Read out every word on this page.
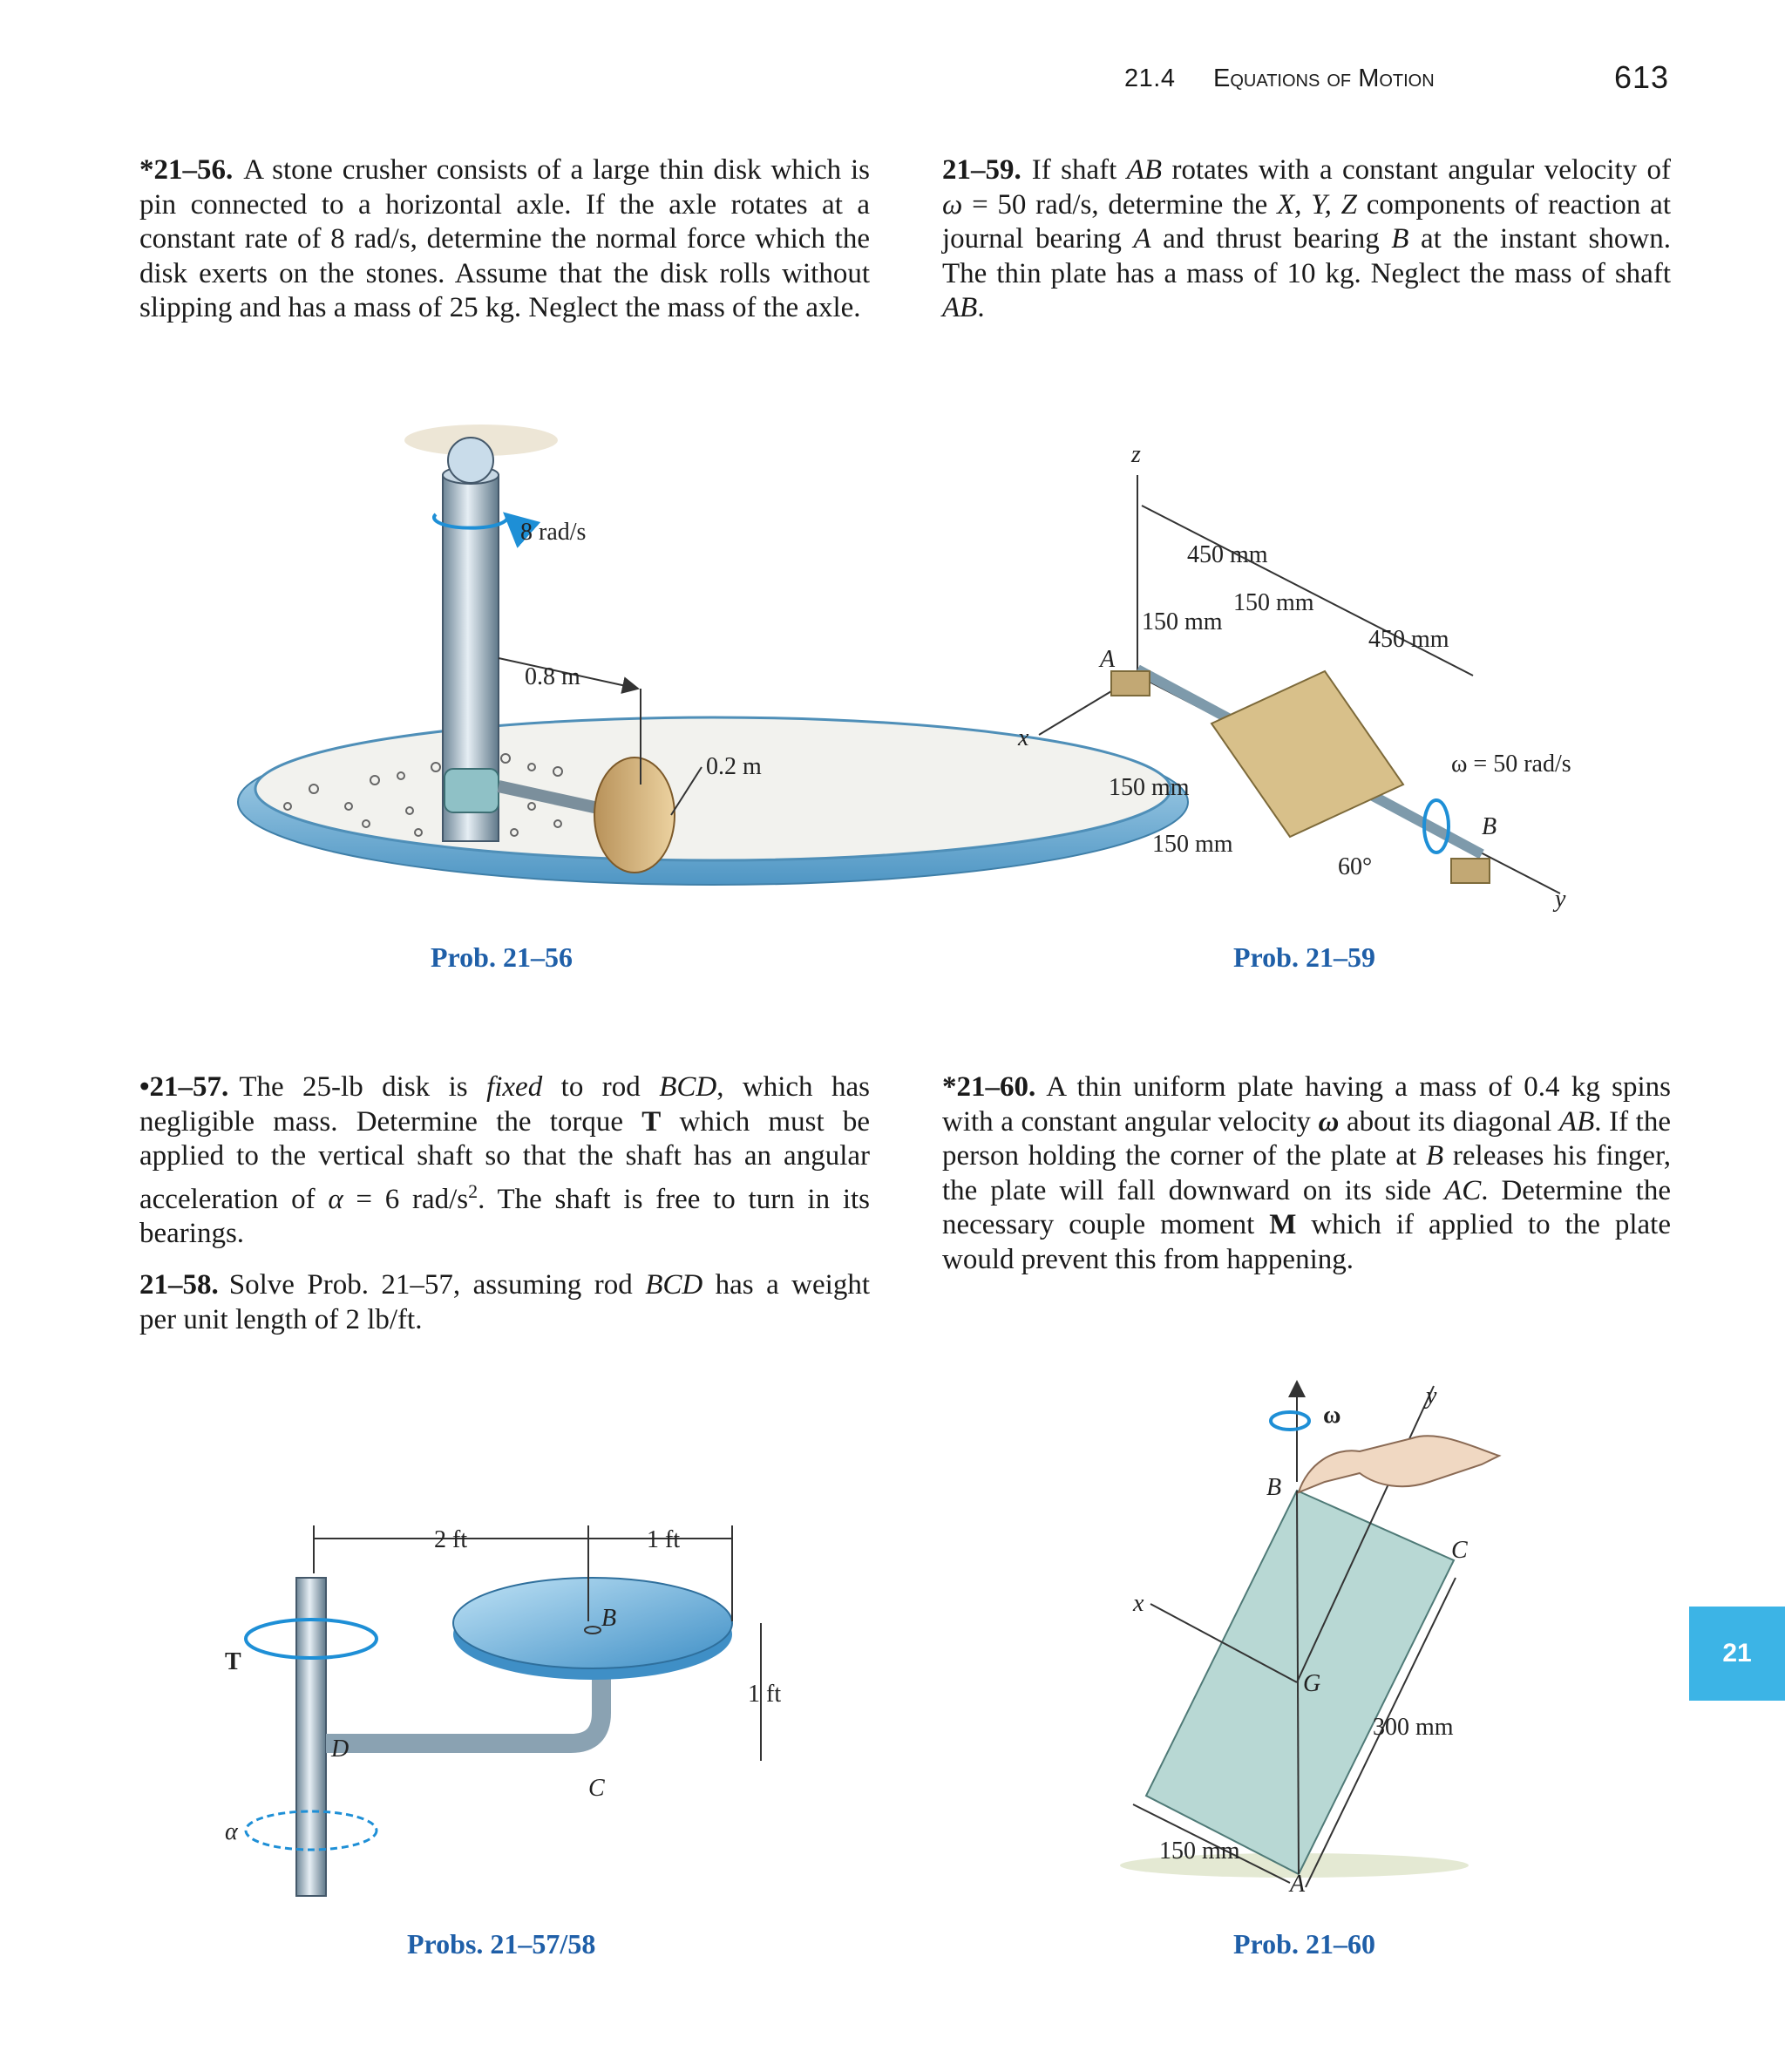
21.4 Equations of Motion	613

*21–56. A stone crusher consists of a large thin disk which is pin connected to a horizontal axle. If the axle rotates at a constant rate of 8 rad/s, determine the normal force which the disk exerts on the stones. Assume that the disk rolls without slipping and has a mass of 25 kg. Neglect the mass of the axle.

21–59. If shaft AB rotates with a constant angular velocity of ω = 50 rad/s, determine the X, Y, Z components of reaction at journal bearing A and thrust bearing B at the instant shown. The thin plate has a mass of 10 kg. Neglect the mass of shaft AB.

•21–57. The 25-lb disk is fixed to rod BCD, which has negligible mass. Determine the torque T which must be applied to the vertical shaft so that the shaft has an angular acceleration of α = 6 rad/$s^2$. The shaft is free to turn in its bearings.

21–58. Solve Prob. 21–57, assuming rod BCD has a weight per unit length of 2 lb/ft.

*21–60. A thin uniform plate having a mass of 0.4 kg spins with a constant angular velocity ω about its diagonal AB. If the person holding the corner of the plate at B releases his finger, the plate will fall downward on its side AC. Determine the necessary couple moment M which if applied to the plate would prevent this from happening.

Prob. 21–56	Prob. 21–59
Probs. 21–57/58	Prob. 21–60
21
8 rad/s
0.8 m
0.2 m
z
x
y
A
B
450 mm
150 mm
150 mm
450 mm
150 mm
150 mm
60°
ω = 50 rad/s
2 ft	1 ft
1 ft
B
C
D
T
α
ω
y
x
B
C
G
A
300 mm
150 mm
